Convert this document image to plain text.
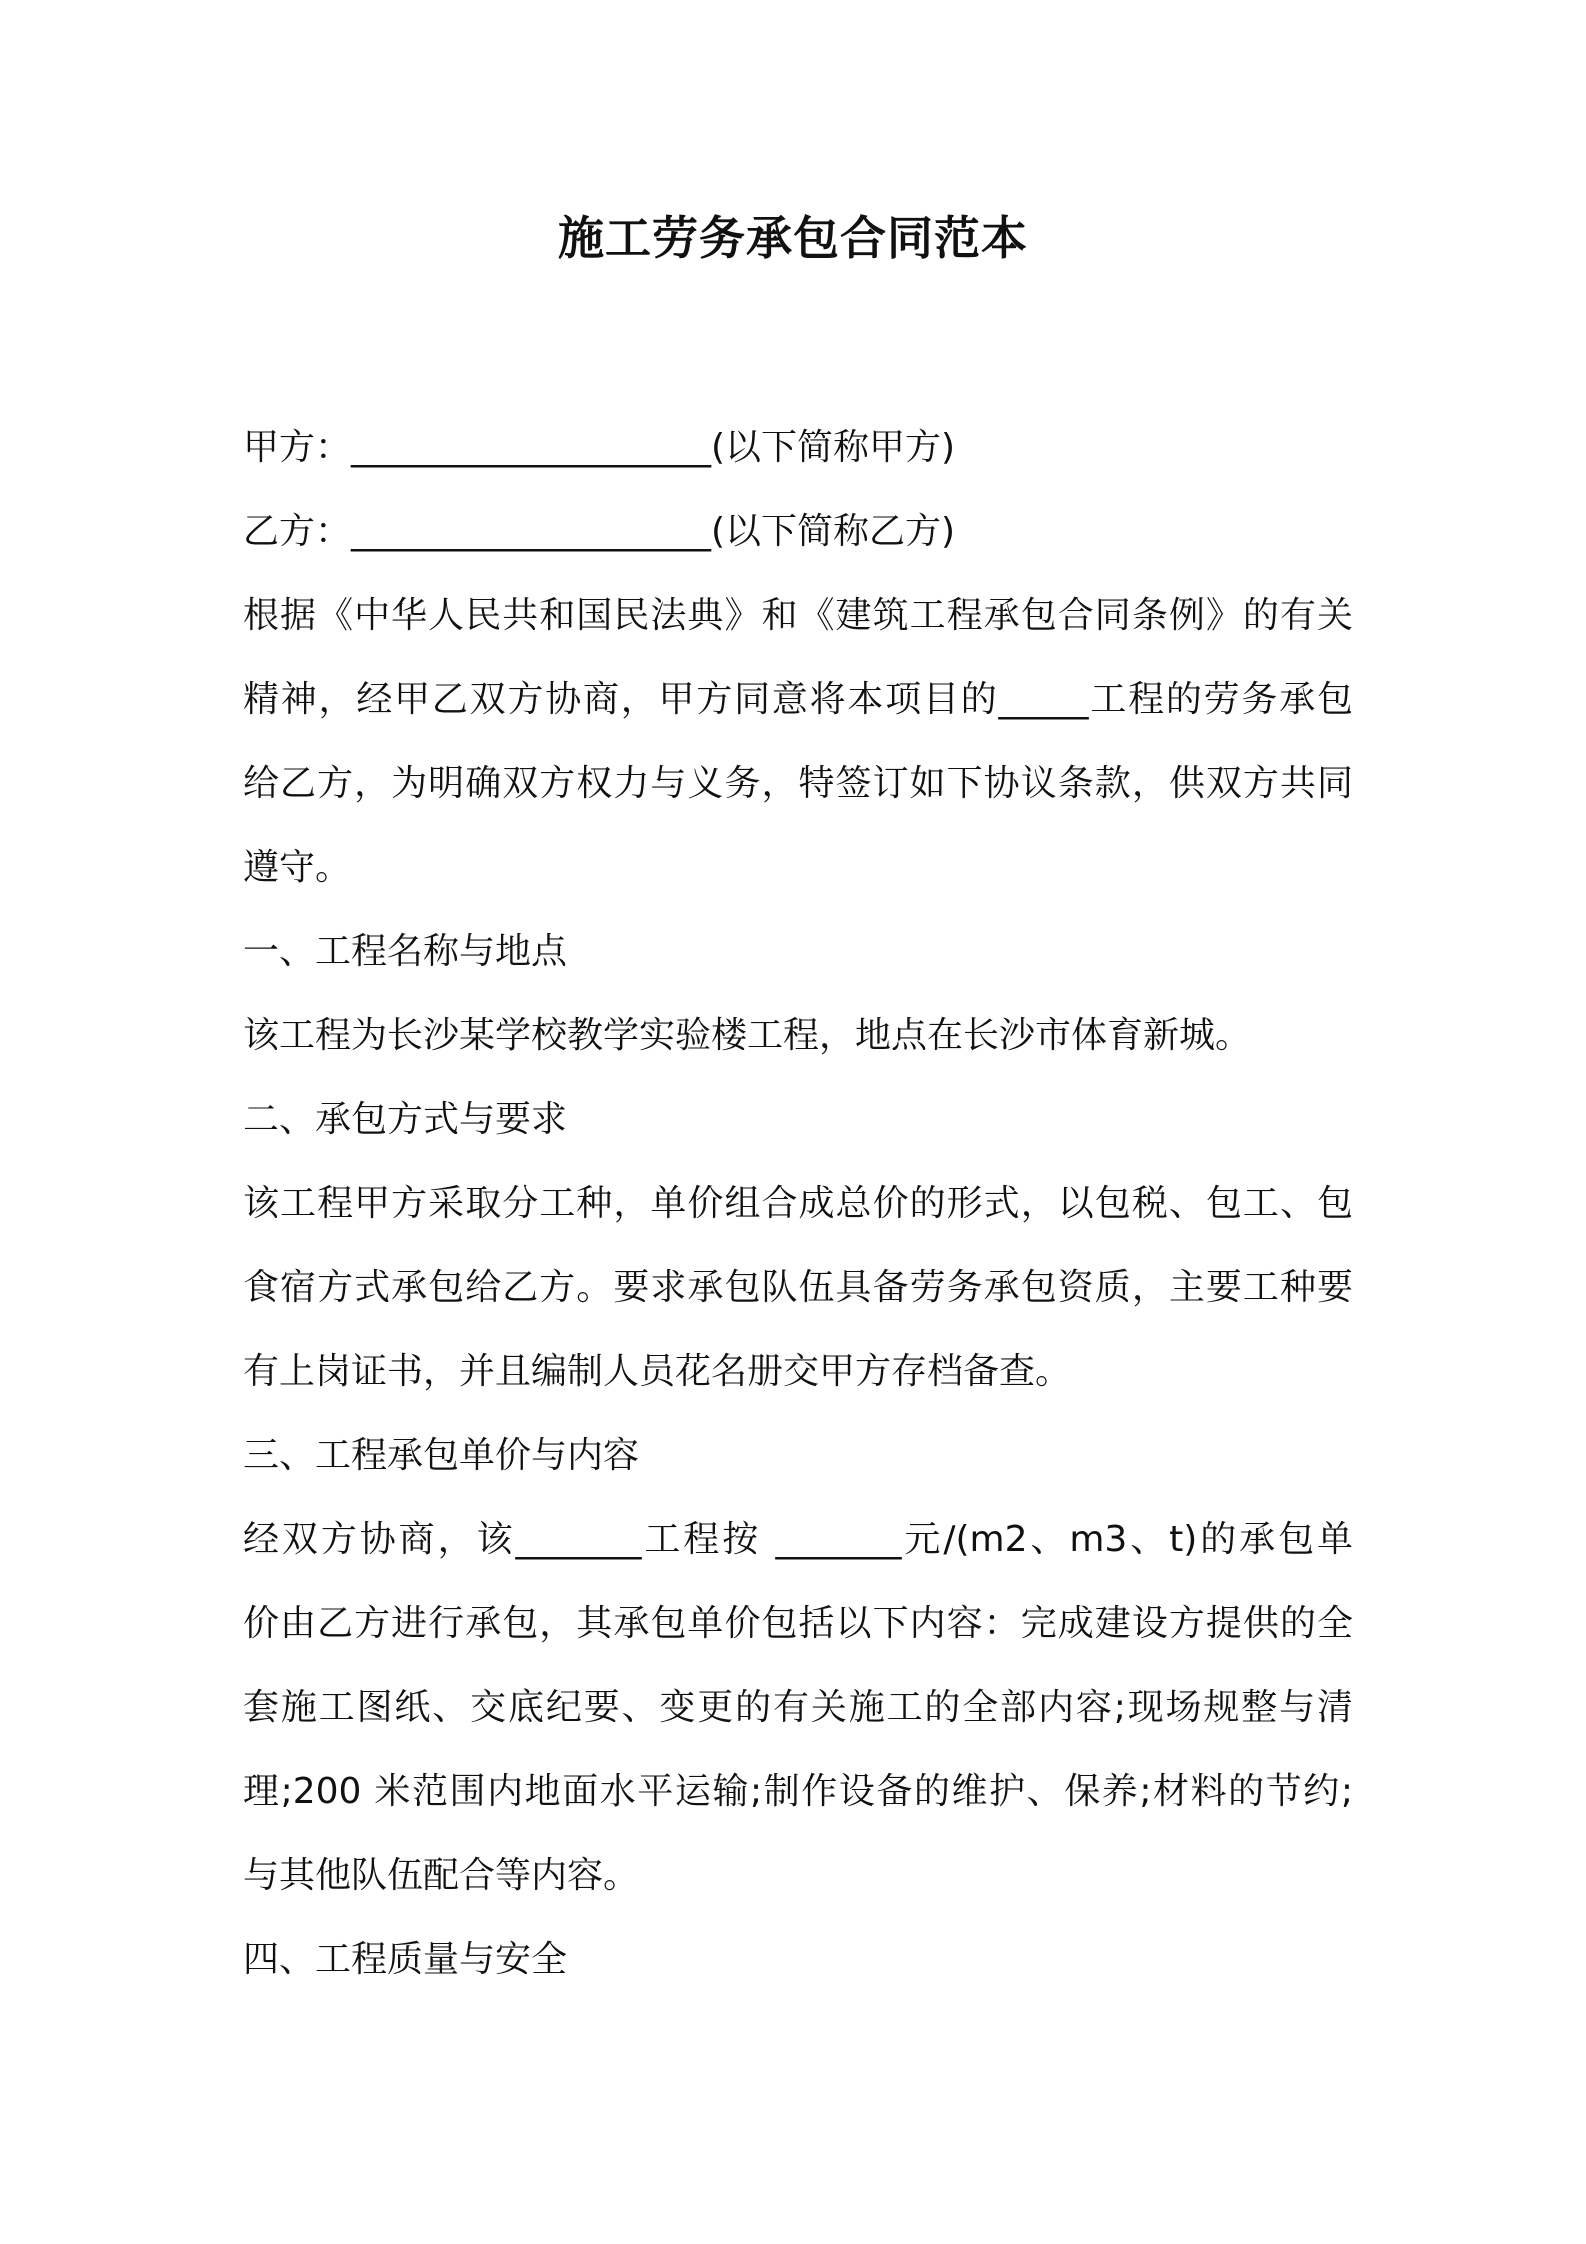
施工劳务承包合同范本
甲方：____________________(以下简称甲方)
乙方：____________________(以下简称乙方)
根据《中华人民共和国民法典》和《建筑工程承包合同条例》的有关
精神，经甲乙双方协商，甲方同意将本项目的_____工程的劳务承包
给乙方，为明确双方权力与义务，特签订如下协议条款，供双方共同
遵守。
一、工程名称与地点
该工程为长沙某学校教学实验楼工程，地点在长沙市体育新城。
二、承包方式与要求
该工程甲方采取分工种，单价组合成总价的形式，以包税、包工、包
食宿方式承包给乙方。要求承包队伍具备劳务承包资质，主要工种要
有上岗证书，并且编制人员花名册交甲方存档备查。
三、工程承包单价与内容
经双方协商，该_______工程按 _______元/(m2、m3、t)的承包单
价由乙方进行承包，其承包单价包括以下内容：完成建设方提供的全
套施工图纸、交底纪要、变更的有关施工的全部内容;现场规整与清
理;200 米范围内地面水平运输;制作设备的维护、保养;材料的节约;
与其他队伍配合等内容。
四、工程质量与安全
